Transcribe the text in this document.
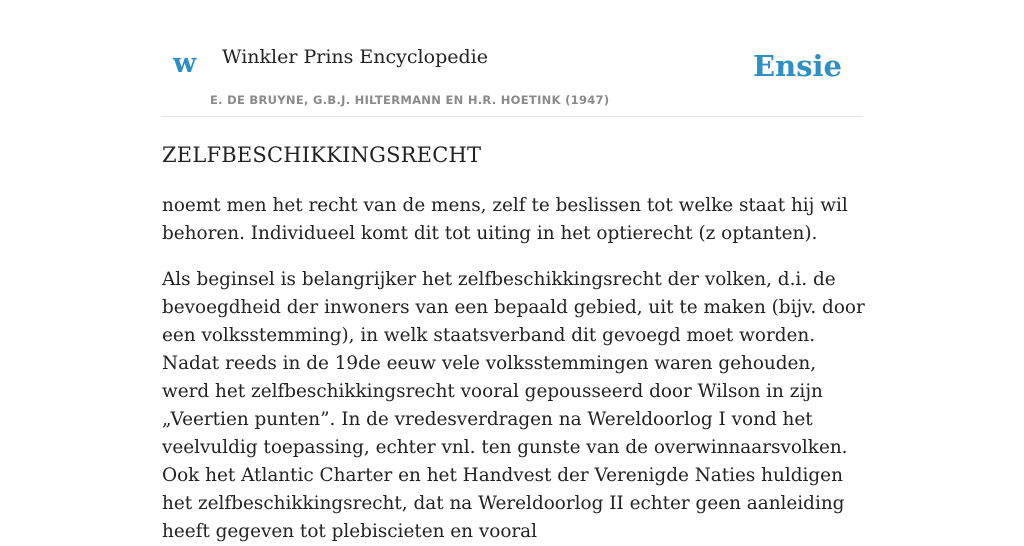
w Winkler Prins Encyclopedie
E. DE BRUYNE, G.B.J. HILTERMANN EN H.R. HOETINK (1947)
Ensie
ZELFBESCHIKKINGSRECHT

noemt men het recht van de mens, zelf te beslissen tot welke staat hij wil behoren. Individueel komt dit tot uiting in het optierecht (z optanten).

Als beginsel is belangrijker het zelfbeschikkingsrecht der volken, d.i. de bevoegdheid der inwoners van een bepaald gebied, uit te maken (bijv. door een volksstemming), in welk staatsverband dit gevoegd moet worden. Nadat reeds in de 19de eeuw vele volksstemmingen waren gehouden, werd het zelfbeschikkingsrecht vooral gepousseerd door Wilson in zijn „Veertien punten”. In de vredesverdragen na Wereldoorlog I vond het veelvuldig toepassing, echter vnl. ten gunste van de overwinnaarsvolken. Ook het Atlantic Charter en het Handvest der Verenigde Naties huldigen het zelfbeschikkingsrecht, dat na Wereldoorlog II echter geen aanleiding heeft gegeven tot plebiscieten en vooral
